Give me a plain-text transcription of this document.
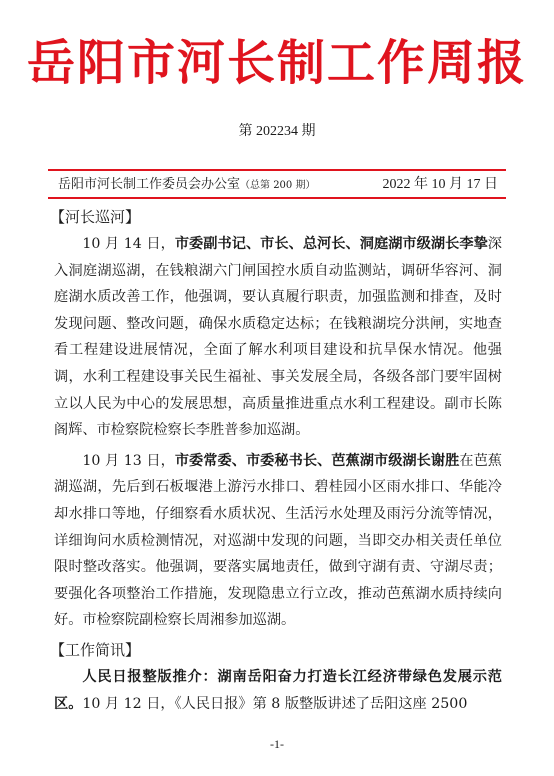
岳阳市河长制工作周报
第 202234 期
岳阳市河长制工作委员会办公室（总第 200 期）	2022 年 10 月 17 日
【河长巡河】

10 月 14 日，市委副书记、市长、总河长、洞庭湖市级湖长李挚深入洞庭湖巡湖，在钱粮湖六门闸国控水质自动监测站，调研华容河、洞庭湖水质改善工作，他强调，要认真履行职责，加强监测和排查，及时发现问题、整改问题，确保水质稳定达标；在钱粮湖垸分洪闸，实地查看工程建设进展情况，全面了解水利项目建设和抗旱保水情况。他强调，水利工程建设事关民生福祉、事关发展全局，各级各部门要牢固树立以人民为中心的发展思想，高质量推进重点水利工程建设。副市长陈阁辉、市检察院检察长李胜普参加巡湖。

10 月 13 日，市委常委、市委秘书长、芭蕉湖市级湖长谢胜在芭蕉湖巡湖，先后到石板堰港上游污水排口、碧桂园小区雨水排口、华能冷却水排口等地，仔细察看水质状况、生活污水处理及雨污分流等情况，详细询问水质检测情况，对巡湖中发现的问题，当即交办相关责任单位限时整改落实。他强调，要落实属地责任，做到守湖有责、守湖尽责；要强化各项整治工作措施，发现隐患立行立改，推动芭蕉湖水质持续向好。市检察院副检察长周湘参加巡湖。

【工作简讯】

人民日报整版推介：湖南岳阳奋力打造长江经济带绿色发展示范区。10 月 12 日，《人民日报》第 8 版整版讲述了岳阳这座 2500

-1-
